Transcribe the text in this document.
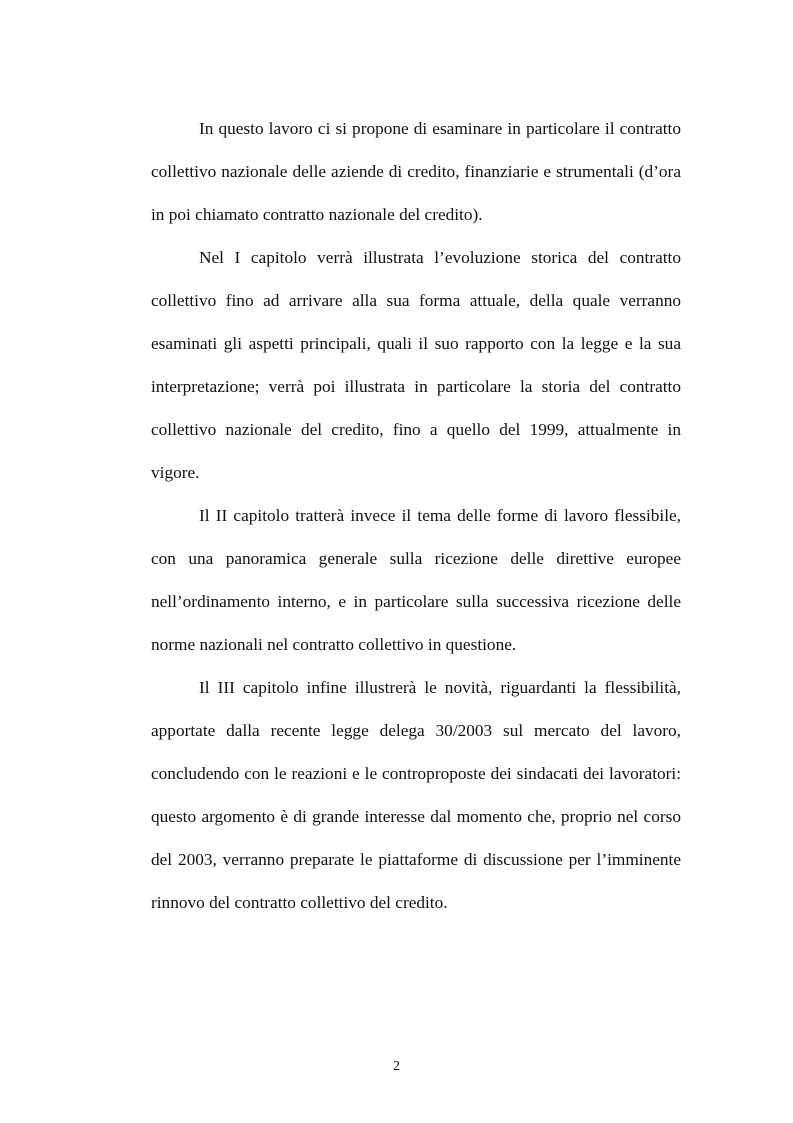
In questo lavoro ci si propone di esaminare in particolare il contratto collettivo nazionale delle aziende di credito, finanziarie e strumentali (d’ora in poi chiamato contratto nazionale del credito).

Nel I capitolo verrà illustrata l’evoluzione storica del contratto collettivo fino ad arrivare alla sua forma attuale, della quale verranno esaminati gli aspetti principali, quali il suo rapporto con la legge e la sua interpretazione; verrà poi illustrata in particolare la storia del contratto collettivo nazionale del credito, fino a quello del 1999, attualmente in vigore.

Il II capitolo tratterà invece il tema delle forme di lavoro flessibile, con una panoramica generale sulla ricezione delle direttive europee nell’ordinamento interno, e in particolare sulla successiva ricezione delle norme nazionali nel contratto collettivo in questione.

Il III capitolo infine illustrerà le novità, riguardanti la flessibilità, apportate dalla recente legge delega 30/2003 sul mercato del lavoro, concludendo con le reazioni e le controproposte dei sindacati dei lavoratori: questo argomento è di grande interesse dal momento che, proprio nel corso del 2003, verranno preparate le piattaforme di discussione per l’imminente rinnovo del contratto collettivo del credito.

2
